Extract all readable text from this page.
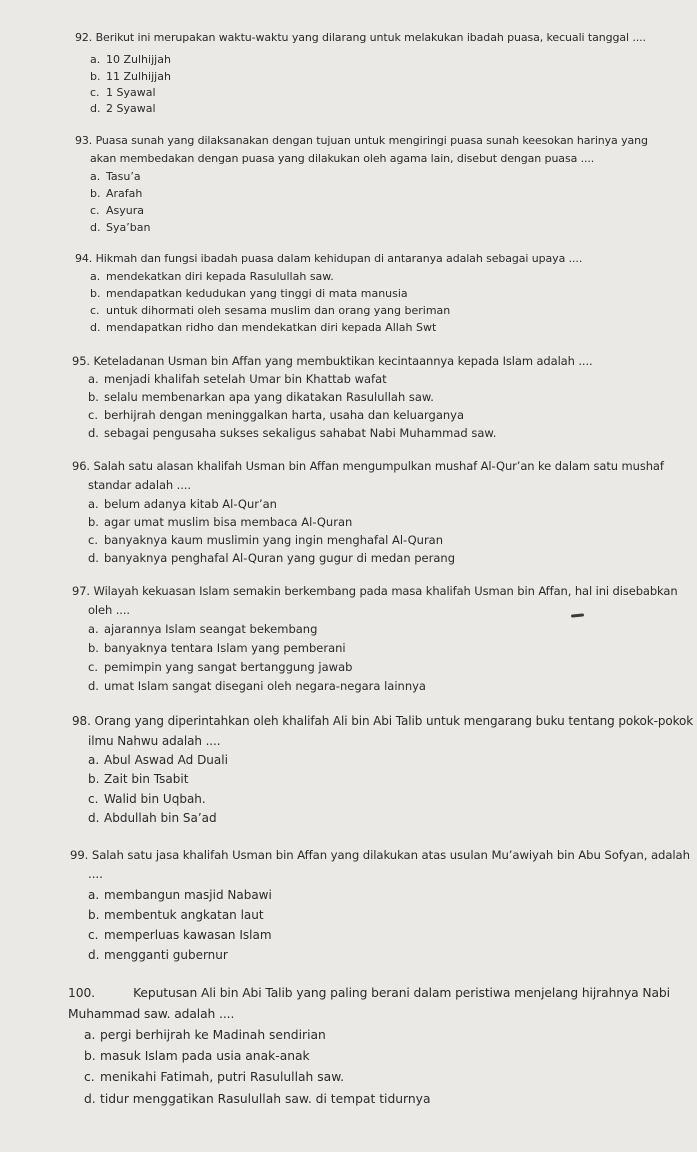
92. Berikut ini merupakan waktu-waktu yang dilarang untuk melakukan ibadah puasa, kecuali tanggal ....
a. 10 Zulhijjah
b. 11 Zulhijjah
c. 1 Syawal
d. 2 Syawal
93. Puasa sunah yang dilaksanakan dengan tujuan untuk mengiringi puasa sunah keesokan harinya yang
akan membedakan dengan puasa yang dilakukan oleh agama lain, disebut dengan puasa ....
a. Tasu’a
b. Arafah
c. Asyura
d. Sya’ban
94. Hikmah dan fungsi ibadah puasa dalam kehidupan di antaranya adalah sebagai upaya ....
a. mendekatkan diri kepada Rasulullah saw.
b. mendapatkan kedudukan yang tinggi di mata manusia
c. untuk dihormati oleh sesama muslim dan orang yang beriman
d. mendapatkan ridho dan mendekatkan diri kepada Allah Swt
95. Keteladanan Usman bin Affan yang membuktikan kecintaannya kepada Islam adalah ....
a. menjadi khalifah setelah Umar bin Khattab wafat
b. selalu membenarkan apa yang dikatakan Rasulullah saw.
c. berhijrah dengan meninggalkan harta, usaha dan keluarganya
d. sebagai pengusaha sukses sekaligus sahabat Nabi Muhammad saw.
96. Salah satu alasan khalifah Usman bin Affan mengumpulkan mushaf Al-Qur’an ke dalam satu mushaf
standar adalah ....
a. belum adanya kitab Al-Qur’an
b. agar umat muslim bisa membaca Al-Quran
c. banyaknya kaum muslimin yang ingin menghafal Al-Quran
d. banyaknya penghafal Al-Quran yang gugur di medan perang
97. Wilayah kekuasan Islam semakin berkembang pada masa khalifah Usman bin Affan, hal ini disebabkan
oleh ....
a. ajarannya Islam seangat bekembang
b. banyaknya tentara Islam yang pemberani
c. pemimpin yang sangat bertanggung jawab
d. umat Islam sangat disegani oleh negara-negara lainnya
98. Orang yang diperintahkan oleh khalifah Ali bin Abi Talib untuk mengarang buku tentang pokok-pokok
ilmu Nahwu adalah ....
a. Abul Aswad Ad Duali
b. Zait bin Tsabit
c. Walid bin Uqbah.
d. Abdullah bin Sa’ad
99. Salah satu jasa khalifah Usman bin Affan yang dilakukan atas usulan Mu’awiyah bin Abu Sofyan, adalah
....
a. membangun masjid Nabawi
b. membentuk angkatan laut
c. memperluas kawasan Islam
d. mengganti gubernur
100.          Keputusan Ali bin Abi Talib yang paling berani dalam peristiwa menjelang hijrahnya Nabi
Muhammad saw. adalah ....
a. pergi berhijrah ke Madinah sendirian
b. masuk Islam pada usia anak-anak
c. menikahi Fatimah, putri Rasulullah saw.
d. tidur menggatikan Rasulullah saw. di tempat tidurnya
